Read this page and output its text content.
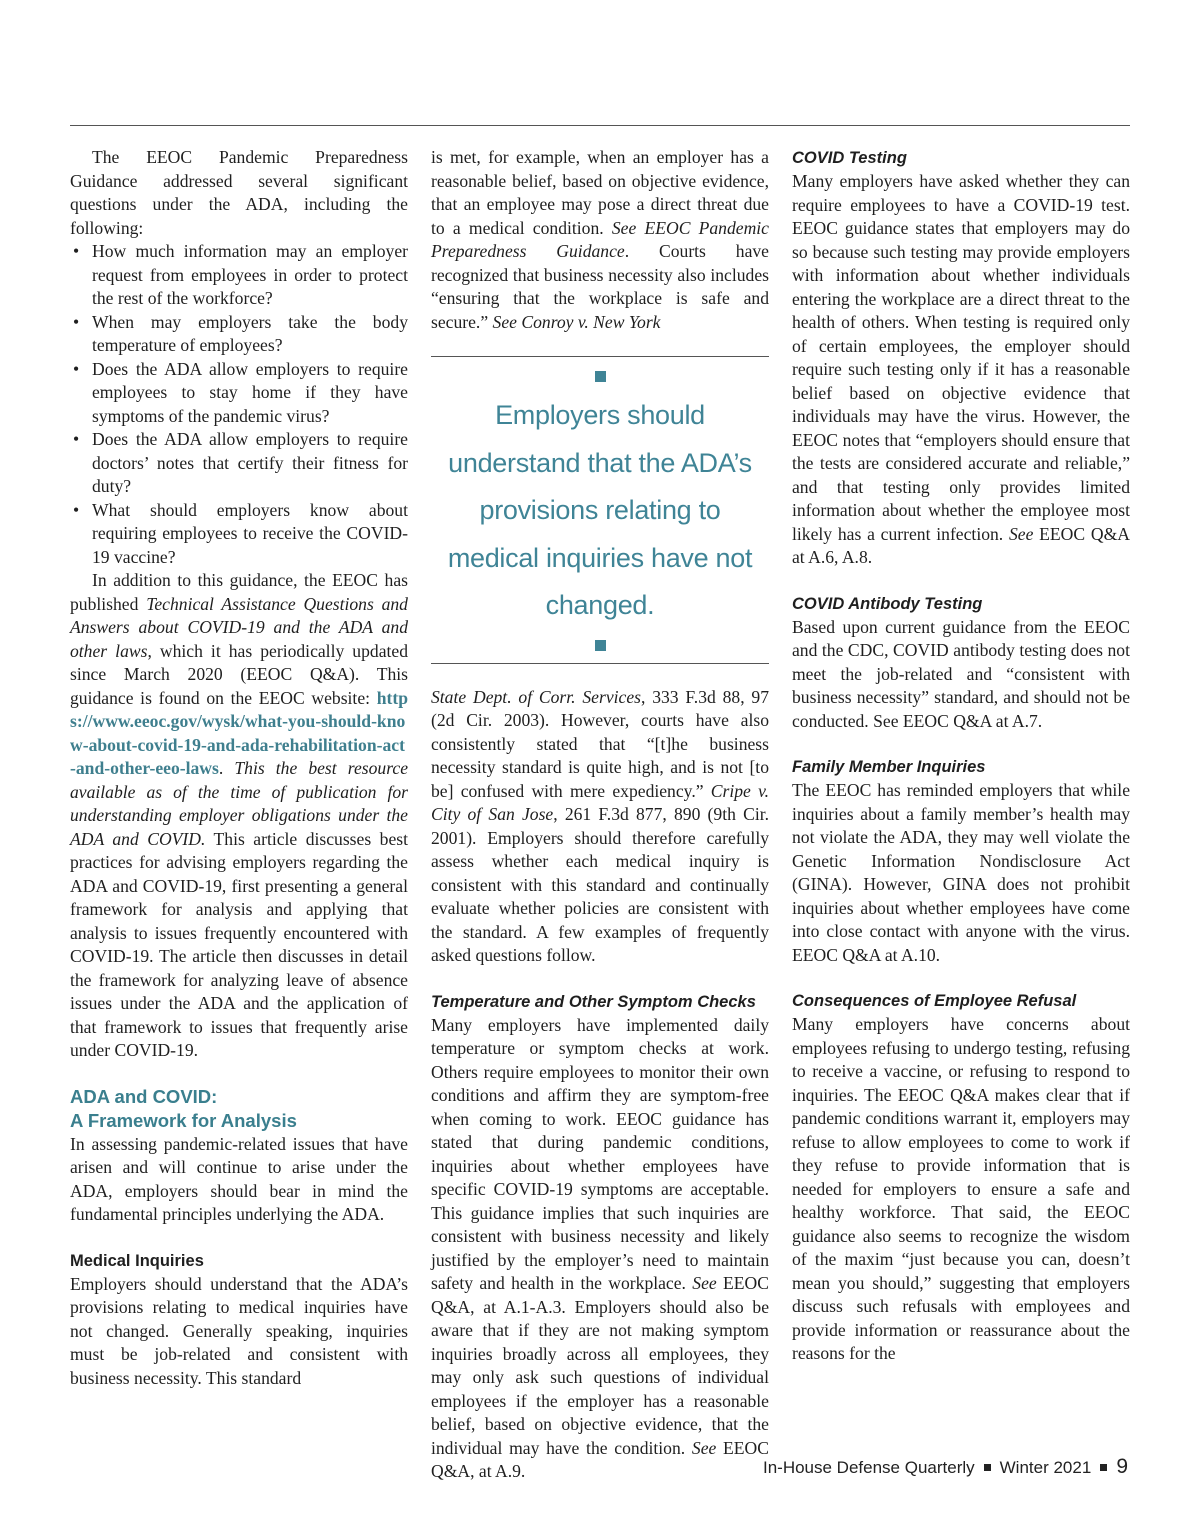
The EEOC Pandemic Preparedness Guidance addressed several significant questions under the ADA, including the following:

• How much information may an employer request from employees in order to protect the rest of the workforce?
• When may employers take the body temperature of employees?
• Does the ADA allow employers to require employees to stay home if they have symptoms of the pandemic virus?
• Does the ADA allow employers to require doctors’ notes that certify their fitness for duty?
• What should employers know about requiring employees to receive the COVID-19 vaccine?

In addition to this guidance, the EEOC has published Technical Assistance Questions and Answers about COVID-19 and the ADA and other laws, which it has periodically updated since March 2020 (EEOC Q&A). This guidance is found on the EEOC website: https://www.eeoc.gov/wysk/what-you-should-know-about-covid-19-and-ada-rehabilitation-act-and-other-eeo-laws. This the best resource available as of the time of publication for understanding employer obligations under the ADA and COVID. This article discusses best practices for advising employers regarding the ADA and COVID-19, first presenting a general framework for analysis and applying that analysis to issues frequently encountered with COVID-19. The article then discusses in detail the framework for analyzing leave of absence issues under the ADA and the application of that framework to issues that frequently arise under COVID-19.

ADA and COVID:
A Framework for Analysis

In assessing pandemic-related issues that have arisen and will continue to arise under the ADA, employers should bear in mind the fundamental principles underlying the ADA.

Medical Inquiries

Employers should understand that the ADA’s provisions relating to medical inquiries have not changed. Generally speaking, inquiries must be job-related and consistent with business necessity. This standard

is met, for example, when an employer has a reasonable belief, based on objective evidence, that an employee may pose a direct threat due to a medical condition. See EEOC Pandemic Preparedness Guidance. Courts have recognized that business necessity also includes “ensuring that the workplace is safe and secure.” See Conroy v. New York

Employers should understand that the ADA’s provisions relating to medical inquiries have not changed.

State Dept. of Corr. Services, 333 F.3d 88, 97 (2d Cir. 2003). However, courts have also consistently stated that “[t]he business necessity standard is quite high, and is not [to be] confused with mere expediency.” Cripe v. City of San Jose, 261 F.3d 877, 890 (9th Cir. 2001). Employers should therefore carefully assess whether each medical inquiry is consistent with this standard and continually evaluate whether policies are consistent with the standard. A few examples of frequently asked questions follow.

Temperature and Other Symptom Checks

Many employers have implemented daily temperature or symptom checks at work. Others require employees to monitor their own conditions and affirm they are symptom-free when coming to work. EEOC guidance has stated that during pandemic conditions, inquiries about whether employees have specific COVID-19 symptoms are acceptable. This guidance implies that such inquiries are consistent with business necessity and likely justified by the employer’s need to maintain safety and health in the workplace. See EEOC Q&A, at A.1-A.3. Employers should also be aware that if they are not making symptom inquiries broadly across all employees, they may only ask such questions of individual employees if the employer has a reasonable belief, based on objective evidence, that the individual may have the condition. See EEOC Q&A, at A.9.

COVID Testing

Many employers have asked whether they can require employees to have a COVID-19 test. EEOC guidance states that employers may do so because such testing may provide employers with information about whether individuals entering the workplace are a direct threat to the health of others. When testing is required only of certain employees, the employer should require such testing only if it has a reasonable belief based on objective evidence that individuals may have the virus. However, the EEOC notes that “employers should ensure that the tests are considered accurate and reliable,” and that testing only provides limited information about whether the employee most likely has a current infection. See EEOC Q&A at A.6, A.8.

COVID Antibody Testing

Based upon current guidance from the EEOC and the CDC, COVID antibody testing does not meet the job-related and “consistent with business necessity” standard, and should not be conducted. See EEOC Q&A at A.7.

Family Member Inquiries

The EEOC has reminded employers that while inquiries about a family member’s health may not violate the ADA, they may well violate the Genetic Information Nondisclosure Act (GINA). However, GINA does not prohibit inquiries about whether employees have come into close contact with anyone with the virus. EEOC Q&A at A.10.

Consequences of Employee Refusal

Many employers have concerns about employees refusing to undergo testing, refusing to receive a vaccine, or refusing to respond to inquiries. The EEOC Q&A makes clear that if pandemic conditions warrant it, employers may refuse to allow employees to come to work if they refuse to provide information that is needed for employers to ensure a safe and healthy workforce. That said, the EEOC guidance also seems to recognize the wisdom of the maxim “just because you can, doesn’t mean you should,” suggesting that employers discuss such refusals with employees and provide information or reassurance about the reasons for the

In-House Defense Quarterly Winter 2021 9
